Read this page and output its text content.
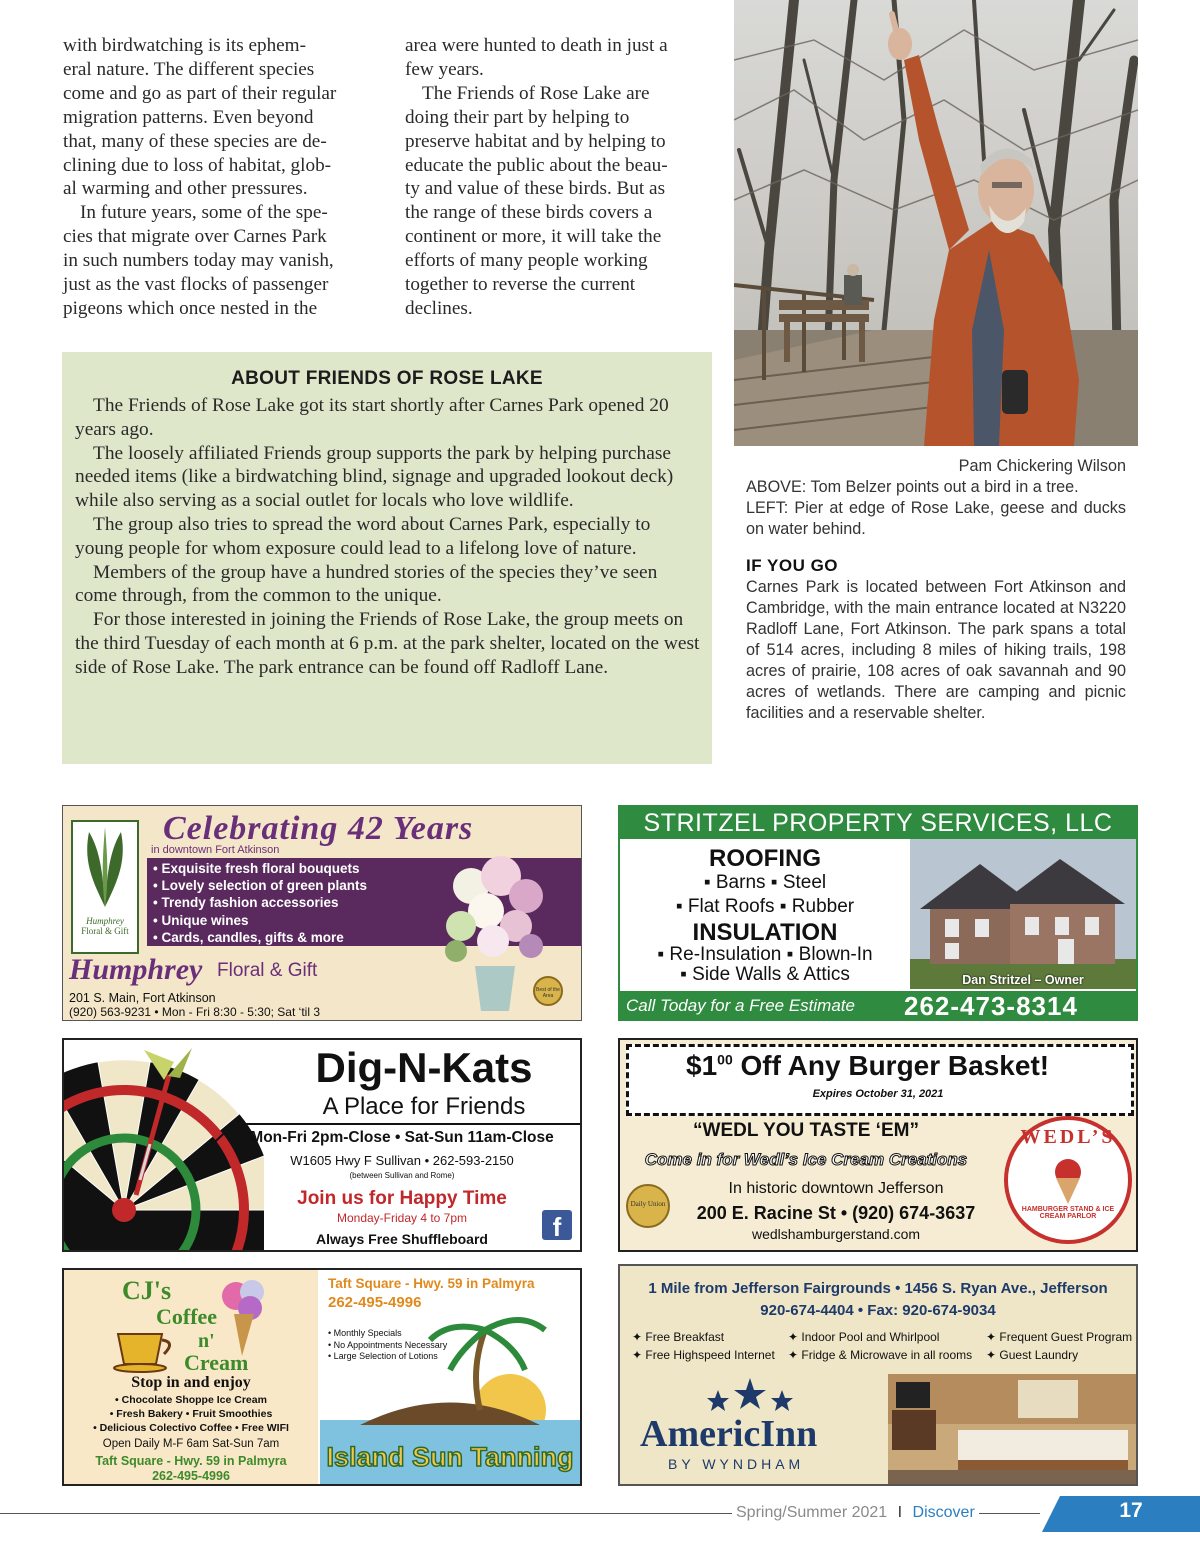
with birdwatching is its ephem-
eral nature. The different species
come and go as part of their regular
migration patterns. Even beyond
that, many of these species are de-
clining due to loss of habitat, glob-
al warming and other pressures.
In future years, some of the spe-
cies that migrate over Carnes Park
in such numbers today may vanish,
just as the vast flocks of passenger
pigeons which once nested in the
area were hunted to death in just a
few years.
The Friends of Rose Lake are
doing their part by helping to
preserve habitat and by helping to
educate the public about the beau-
ty and value of these birds. But as
the range of these birds covers a
continent or more, it will take the
efforts of many people working
together to reverse the current
declines.
Pam Chickering Wilson
ABOVE: Tom Belzer points out a bird in a tree.
LEFT: Pier at edge of Rose Lake, geese and ducks on water behind.
IF YOU GO
Carnes Park is located between Fort Atkinson and Cambridge, with the main entrance located at N3220 Radloff Lane, Fort Atkinson. The park spans a total of 514 acres, including 8 miles of hiking trails, 198 acres of prairie, 108 acres of oak savannah and 90 acres of wetlands. There are camping and picnic facilities and a reservable shelter.
ABOUT FRIENDS OF ROSE LAKE

The Friends of Rose Lake got its start shortly after Carnes Park opened 20 years ago.

The loosely affiliated Friends group supports the park by helping purchase needed items (like a birdwatching blind, signage and upgraded lookout deck) while also serving as a social outlet for locals who love wildlife.

The group also tries to spread the word about Carnes Park, especially to young people for whom exposure could lead to a lifelong love of nature.

Members of the group have a hundred stories of the species they’ve seen come through, from the common to the unique.

For those interested in joining the Friends of Rose Lake, the group meets on the third Tuesday of each month at 6 p.m. at the park shelter, located on the west side of Rose Lake. The park entrance can be found off Radloff Lane.

Humphrey
Floral & Gift
Celebrating 42 Years
in downtown Fort Atkinson
• Exquisite fresh floral bouquets
• Lovely selection of green plants
• Trendy fashion accessories
• Unique wines
• Cards, candles, gifts & more
Best of the Area
Humphrey Floral & Gift
201 S. Main, Fort Atkinson
(920) 563-9231 • Mon - Fri 8:30 - 5:30; Sat ‘til 3
STRITZEL PROPERTY SERVICES, LLC
ROOFING
▪ Barns ▪ Steel
▪ Flat Roofs ▪ Rubber
INSULATION
▪ Re-Insulation ▪ Blown-In
▪ Side Walls & Attics	Dan Stritzel – Owner
Call Today for a Free Estimate 262-473-8314
Dig-N-Kats
A Place for Friends
Mon-Fri 2pm-Close • Sat-Sun 11am-Close
W1605 Hwy F Sullivan • 262-593-2150
(between Sullivan and Rome)
Join us for Happy Time
Monday-Friday 4 to 7pm
Always Free Shuffleboard	f
$\$1^{00}$ Off Any Burger Basket!
Expires October 31, 2021
“WEDL YOU TASTE ‘EM”
Come in for Wedl’s Ice Cream Creations
In historic downtown Jefferson
200 E. Racine St • (920) 674-3637
wedlshamburgerstand.com
Daily Union
WEDL’S
HAMBURGER STAND & ICE CREAM PARLOR
CJ's
Coffee
n'
Cream
Stop in and enjoy
• Chocolate Shoppe Ice Cream
• Fresh Bakery • Fruit Smoothies
• Delicious Colectivo Coffee • Free WIFI
Open Daily M-F 6am Sat-Sun 7am
Taft Square - Hwy. 59 in Palmyra
262-495-4996
Taft Square - Hwy. 59 in Palmyra
262-495-4996
• Monthly Specials
• No Appointments Necessary
• Large Selection of Lotions
Island Sun Tanning
1 Mile from Jefferson Fairgrounds • 1456 S. Ryan Ave., Jefferson
920-674-4404 • Fax: 920-674-9034
✦ Free Breakfast	✦ Indoor Pool and Whirlpool	✦ Frequent Guest Program
✦ Free Highspeed Internet ✦ Fridge & Microwave in all rooms ✦ Guest Laundry
AmericInn
BY WYNDHAM
Spring/Summer 2021 I Discover	17
